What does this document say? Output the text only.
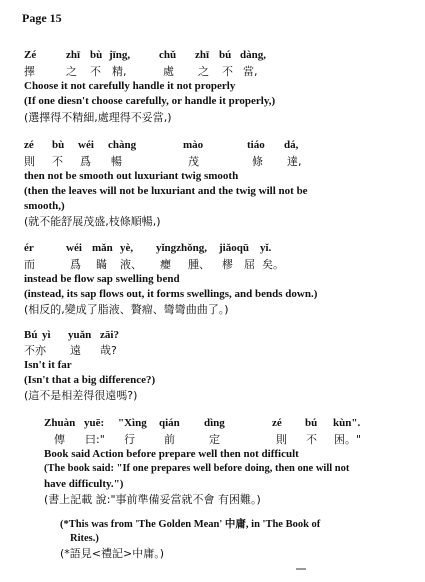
Page 15
Zé	zhī bù jīng,	chǔ zhī bú dàng,
擇	之 不 精,	處 之 不 當,
Choose it not carefully handle it not properly
(If one diesn't choose carefully, or handle it properly,)
(選擇得不精細,處理得不妥當,)
zé bù wéi chàng	mào	tiáo dá,
則 不 爲 暢	茂	條 達,
then not be smooth out luxuriant twig smooth
(then the leaves will not be luxuriant and the twig will not be
smooth,)
(就不能舒展茂盛,枝條順暢,)
ér	wéi mǎn yè, yǐngzhǒng, jiǎoqū yǐ.
而	爲 瞞 液、 癭 腫、 樛 屈 矣。
instead be flow sap swelling bend
(instead, its sap flows out, it forms swellings, and bends down.)
(相反的,變成了脂液、贅瘤、彎彎曲曲了。)
Bú yì yuǎn zāi?
不亦 遠 哉?
Isn't it far
(Isn't that a big difference?)
(這不是相差得很遠嗎?)
Zhuàn yuē: "Xìng qián dìng	zé bú kùn".
傳 曰:" 行	前	定	則 不 困。"
Book said Action before prepare well then not difficult
(The book said: "If one prepares well before doing, then one will not
have difficulty.")
(書上記載 說:"事前準備妥當就不會 有困難。)
(*This was from 'The Golden Mean' 中庸, in 'The Book of
Rites.)
(*語見<禮記>中庸。)
